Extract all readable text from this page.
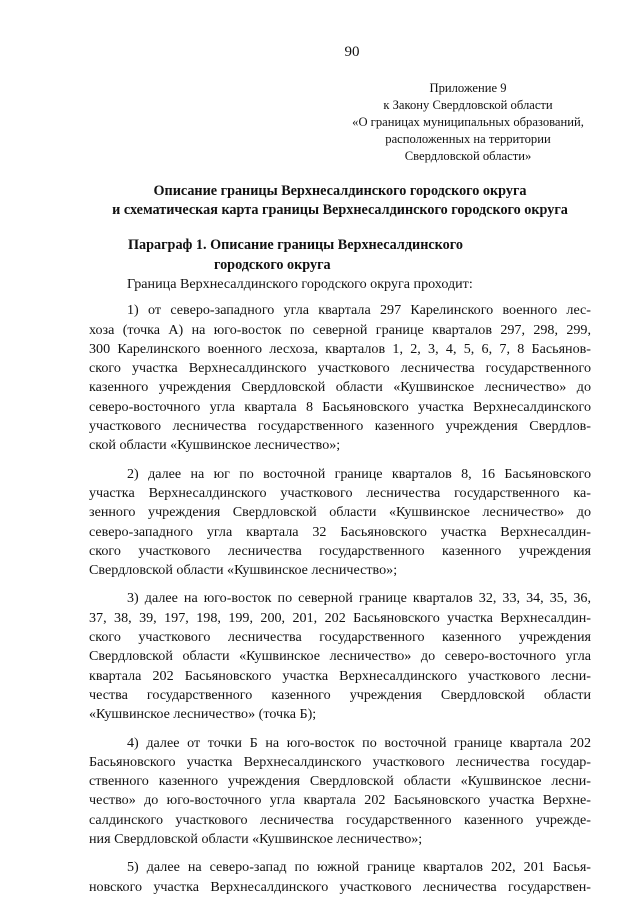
90
Приложение 9
к Закону Свердловской области
«О границах муниципальных образований,
расположенных на территории
Свердловской области»
Описание границы Верхнесалдинского городского округа
и схематическая карта границы Верхнесалдинского городского округа
Параграф 1. Описание границы Верхнесалдинского
городского округа

Граница Верхнесалдинского городского округа проходит:

1) от северо-западного угла квартала 297 Карелинского военного лес-
хоза (точка А) на юго-восток по северной границе кварталов 297, 298, 299,
300 Карелинского военного лесхоза, кварталов 1, 2, 3, 4, 5, 6, 7, 8 Басьянов-
ского участка Верхнесалдинского участкового лесничества государственного
казенного учреждения Свердловской области «Кушвинское лесничество» до
северо-восточного угла квартала 8 Басьяновского участка Верхнесалдинского
участкового лесничества государственного казенного учреждения Свердлов-
ской области «Кушвинское лесничество»;

2) далее на юг по восточной границе кварталов 8, 16 Басьяновского
участка Верхнесалдинского участкового лесничества государственного ка-
зенного учреждения Свердловской области «Кушвинское лесничество» до
северо-западного угла квартала 32 Басьяновского участка Верхнесалдин-
ского участкового лесничества государственного казенного учреждения
Свердловской области «Кушвинское лесничество»;

3) далее на юго-восток по северной границе кварталов 32, 33, 34, 35, 36,
37, 38, 39, 197, 198, 199, 200, 201, 202 Басьяновского участка Верхнесалдин-
ского участкового лесничества государственного казенного учреждения
Свердловской области «Кушвинское лесничество» до северо-восточного угла
квартала 202 Басьяновского участка Верхнесалдинского участкового лесни-
чества государственного казенного учреждения Свердловской области
«Кушвинское лесничество» (точка Б);

4) далее от точки Б на юго-восток по восточной границе квартала 202
Басьяновского участка Верхнесалдинского участкового лесничества государ-
ственного казенного учреждения Свердловской области «Кушвинское лесни-
чество» до юго-восточного угла квартала 202 Басьяновского участка Верхне-
салдинского участкового лесничества государственного казенного учрежде-
ния Свердловской области «Кушвинское лесничество»;

5) далее на северо-запад по южной границе кварталов 202, 201 Басья-
новского участка Верхнесалдинского участкового лесничества государствен-
